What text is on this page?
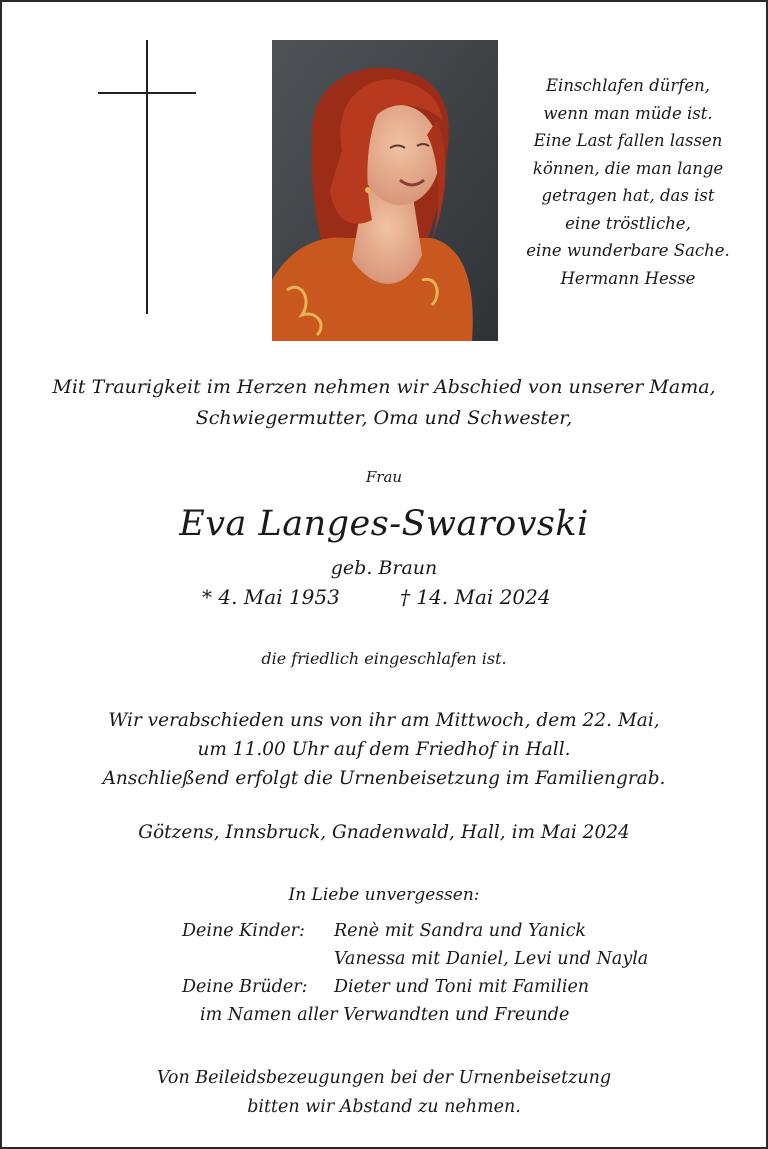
Einschlafen dürfen,
wenn man müde ist.
Eine Last fallen lassen
können, die man lange
getragen hat, das ist
eine tröstliche,
eine wunderbare Sache.
Hermann Hesse
Mit Traurigkeit im Herzen nehmen wir Abschied von unserer Mama,
Schwiegermutter, Oma und Schwester,
Frau
Eva Langes-Swarovski
geb. Braun
* 4. Mai 1953	† 14. Mai 2024
die friedlich eingeschlafen ist.
Wir verabschieden uns von ihr am Mittwoch, dem 22. Mai,
um 11.00 Uhr auf dem Friedhof in Hall.
Anschließend erfolgt die Urnenbeisetzung im Familiengrab.
Götzens, Innsbruck, Gnadenwald, Hall, im Mai 2024
In Liebe unvergessen:
Deine Kinder: Renè mit Sandra und Yanick
Vanessa mit Daniel, Levi und Nayla
Deine Brüder: Dieter und Toni mit Familien
im Namen aller Verwandten und Freunde
Von Beileidsbezeugungen bei der Urnenbeisetzung
bitten wir Abstand zu nehmen.
